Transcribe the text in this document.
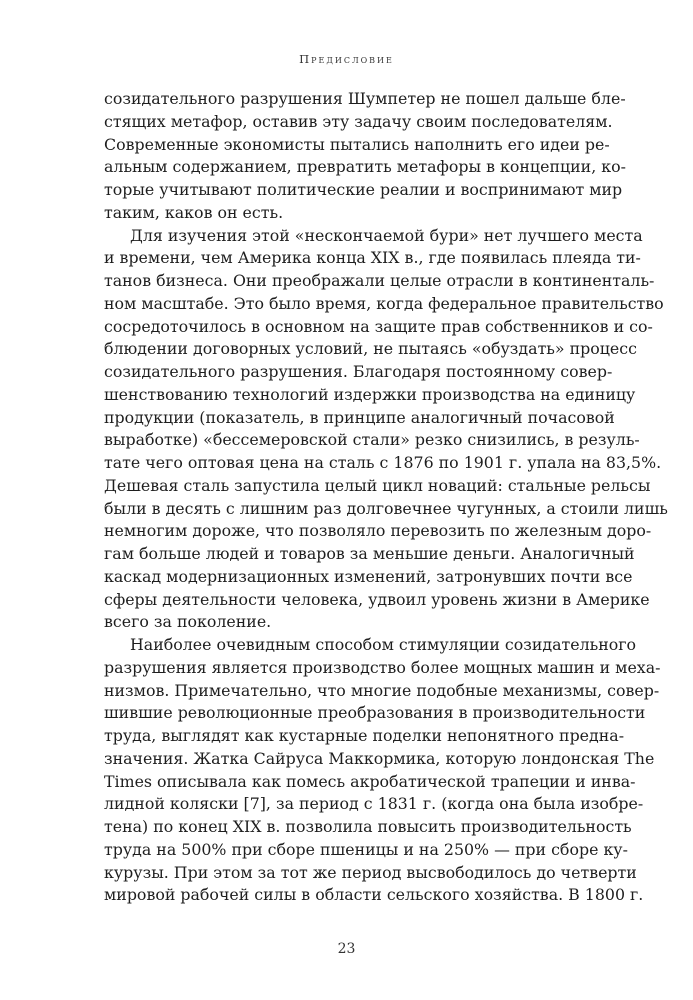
Предисловие
созидательного разрушения Шумпетер не пошел дальше бле-
стящих метафор, оставив эту задачу своим последователям.
Современные экономисты пытались наполнить его идеи ре-
альным содержанием, превратить метафоры в концепции, ко-
торые учитывают политические реалии и воспринимают мир
таким, каков он есть.
Для изучения этой «нескончаемой бури» нет лучшего места
и времени, чем Америка конца XIX в., где появилась плеяда ти-
танов бизнеса. Они преображали целые отрасли в континенталь-
ном масштабе. Это было время, когда федеральное правительство
сосредоточилось в основном на защите прав собственников и со-
блюдении договорных условий, не пытаясь «обуздать» процесс
созидательного разрушения. Благодаря постоянному совер-
шенствованию технологий издержки производства на единицу
продукции (показатель, в принципе аналогичный почасовой
выработке) «бессемеровской стали» резко снизились, в резуль-
тате чего оптовая цена на сталь с 1876 по 1901 г. упала на 83,5%.
Дешевая сталь запустила целый цикл новаций: стальные рельсы
были в десять с лишним раз долговечнее чугунных, а стоили лишь
немногим дороже, что позволяло перевозить по железным доро-
гам больше людей и товаров за меньшие деньги. Аналогичный
каскад модернизационных изменений, затронувших почти все
сферы деятельности человека, удвоил уровень жизни в Америке
всего за поколение.
Наиболее очевидным способом стимуляции созидательного
разрушения является производство более мощных машин и меха-
низмов. Примечательно, что многие подобные механизмы, совер-
шившие революционные преобразования в производительности
труда, выглядят как кустарные поделки непонятного предна-
значения. Жатка Сайруса Маккормика, которую лондонская The
Times описывала как помесь акробатической трапеции и инва-
лидной коляски [7], за период с 1831 г. (когда она была изобре-
тена) по конец XIX в. позволила повысить производительность
труда на 500% при сборе пшеницы и на 250% — при сборе ку-
курузы. При этом за тот же период высвободилось до четверти
мировой рабочей силы в области сельского хозяйства. В 1800 г.
23
